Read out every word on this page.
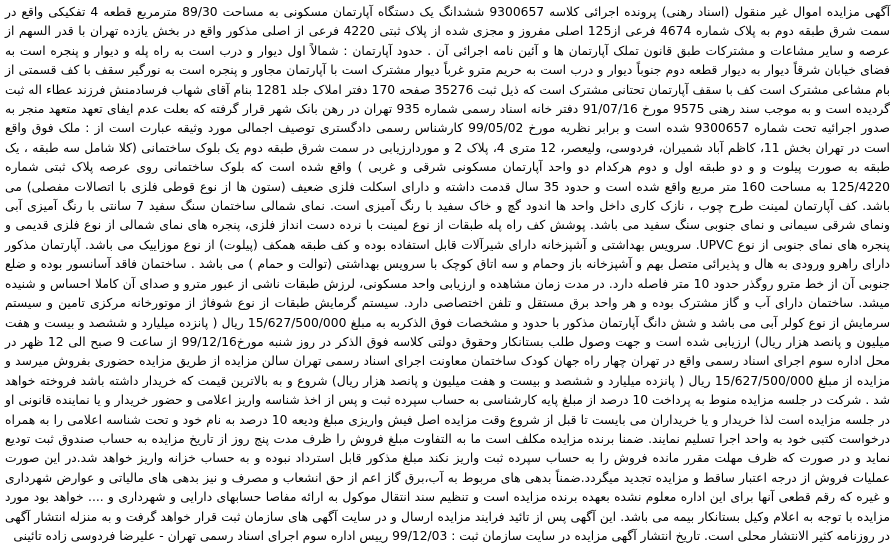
آگهی مزایده اموال غیر منقول (اسناد رهنی) پرونده اجرائی کلاسه 9300657 ششدانگ یک دستگاه آپارتمان مسکونی به مساحت 89/30 مترمربع قطعه 4 تفکیکی واقع در سمت شرق طبقه دوم به پلاک شماره 4674 فرعی از125 اصلی مفروز و مجزی شده از پلاک ثبتی 4220 فرعی از اصلی مذکور واقع در بخش یازده تهران با قدر السهم از عرصه و سایر مشاعات و مشترکات طبق قانون تملک آپارتمان ها و آئین نامه اجرائی آن . حدود آپارتمان : شمالاً اول دیوار و درب است به راه پله و دیوار و پنجره است به فضای خیابان شرقاً دیوار به دیوار قطعه دوم جنوباً دیوار و درب است به حریم مترو غرباً دیوار مشترک است با آپارتمان مجاور و پنجره است به نورگیر سقف با کف قسمتی از بام مشاعی مشترک است کف با سقف آپارتمان تحتانی مشترک است که ذیل ثبت 35276 صفحه 170 دفتر املاک جلد 1281 بنام آقای شهاب فرسادمنش فرزند عطاء اله ثبت گردیده است و به موجب سند رهنی 9575 مورخ 91/07/16 دفتر خانه اسناد رسمی شماره 935 تهران در رهن بانک شهر قرار گرفته که بعلت عدم ایفای تعهد متعهد منجر به صدور اجرائیه تحت شماره 9300657 شده است و برابر نظریه مورخ 99/05/02 کارشناس رسمی دادگستری توصیف اجمالی مورد وثیقه عبارت است از : ملک فوق واقع است در تهران بخش 11، کاظم آباد شمیران، فردوسی، ولیعصر، 12 متری 4، پلاک 2 و موردارزیابی در سمت شرق طبقه دوم یک بلوک ساختمانی (کلا شامل سه طبقه ، یک طبقه به صورت پیلوت و و دو طبقه اول و دوم هرکدام دو واحد آپارتمان مسکونی شرقی و غربی ) واقع شده است که بلوک ساختمانی روی عرصه پلاک ثبتی شماره 125/4220 به مساحت 160 متر مربع واقع شده است و حدود 35 سال قدمت داشته و دارای اسکلت فلزی ضعیف (ستون ها از نوع قوطی فلزی با اتصالات مفصلی) می باشد. کف آپارتمان لمینت طرح چوب ، نازک کاری داخل واحد ها اندود گچ و خاک سفید با رنگ آمیزی است. نمای شمالی ساختمان سنگ سفید 7 سانتی با رنگ آمیزی آبی ونمای شرقی سیمانی و نمای جنوبی سنگ سفید می باشد. پوشش کف راه پله طبقات از نوع لمینت با نرده دست انداز فلزی، پنجره های نمای شمالی از نوع فلزی قدیمی و پنجره های نمای جنوبی از نوع UPVC. سرویس بهداشتی و آشپزخانه دارای شیرآلات قابل استفاده بوده و کف طبقه همکف (پیلوت) از نوع موزاییک می باشد. آپارتمان مذکور دارای راهرو ورودی به هال و پذیرائی متصل بهم و آشپزخانه باز وحمام و سه اتاق کوچک با سرویس بهداشتی (توالت و حمام ) می باشد . ساختمان فاقد آسانسور بوده و ضلع جنوبی آن از خط مترو روگذر حدود 10 متر فاصله دارد. در مدت زمان مشاهده و ارزیابی واحد مسکونی، لرزش طبقات ناشی از عبور مترو و صدای آن کاملا احساس و شنیده میشد. ساختمان دارای آب و گاز مشترک بوده و هر واحد برق مستقل و تلفن اختصاصی دارد. سیستم گرمایش طبقات از نوع شوفاژ از موتورخانه مرکزی تامین و سیستم سرمایش از نوع کولر آبی می باشد و شش دانگ آپارتمان مذکور با حدود و مشخصات فوق الذکربه به مبلغ 15/627/500/000 ریال ( پانزده میلیارد و ششصد و بیست و هفت میلیون و پانصد هزار ریال) ارزیابی شده است و جهت وصول طلب بستانکار وحقوق دولتی کلاسه فوق الذکر در روز شنبه مورخ99/12/16 از ساعت 9 صبح الی 12 ظهر در محل اداره سوم اجرای اسناد رسمی واقع در تهران چهار راه جهان کودک ساختمان معاونت اجرای اسناد رسمی تهران سالن مزایده از طریق مزایده حضوری بفروش میرسد و مزایده از مبلغ 15/627/500/000 ریال ( پانزده میلیارد و ششصد و بیست و هفت میلیون و پانصد هزار ریال) شروع و به بالاترین قیمت که خریدار داشته باشد فروخته خواهد شد . شرکت در جلسه مزایده منوط به پرداخت 10 درصد از مبلغ پایه کارشناسی به حساب سپرده ثبت و پس از اخذ شناسه واریز اعلامی و حضور خریدار و یا نماینده قانونی او در جلسه مزایده است لذا خریدار و یا خریداران می بایست تا قبل از شروع وقت مزایده اصل فیش واریزی مبلغ ودیعه 10 درصد به نام خود و تحت شناسه اعلامی را به همراه درخواست کتبی خود به واحد اجرا تسلیم نمایند. ضمنا برنده مزایده مکلف است ما به التفاوت مبلغ فروش را ظرف مدت پنج روز از تاریخ مزایده به حساب صندوق ثبت تودیع نماید و در صورت که ظرف مهلت مقرر مانده فروش را به حساب سپرده ثبت واریز نکند مبلغ مذکور قابل استرداد نبوده و به حساب خزانه واریز خواهد شد.در این صورت عملیات فروش از درجه اعتبار ساقط و مزایده تجدید میگردد.ضمناً بدهی های مربوط به آب،برق گاز اعم از حق انشعاب و مصرف و نیز بدهی های مالیاتی و عوارض شهرداری و غیره که رقم قطعی آنها برای این اداره معلوم نشده بعهده برنده مزایده است و تنظیم سند انتقال موکول به ارائه مفاصا حسابهای دارایی و شهرداری و .... خواهد بود مورد مزایده با توجه به اعلام وکیل بستانکار بیمه می باشد. این آگهی پس از تائید فرایند مزایده ارسال و در سایت آگهی های سازمان ثبت قرار خواهد گرفت و به منزله انتشار آگهی در روزنامه کثیر الانتشار محلی است. تاریخ انتشار آگهی مزایده در سایت سازمان ثبت : 99/12/03 رییس اداره سوم اجرای اسناد رسمی تهران - علیرضا فردوسی زاده تائینی
